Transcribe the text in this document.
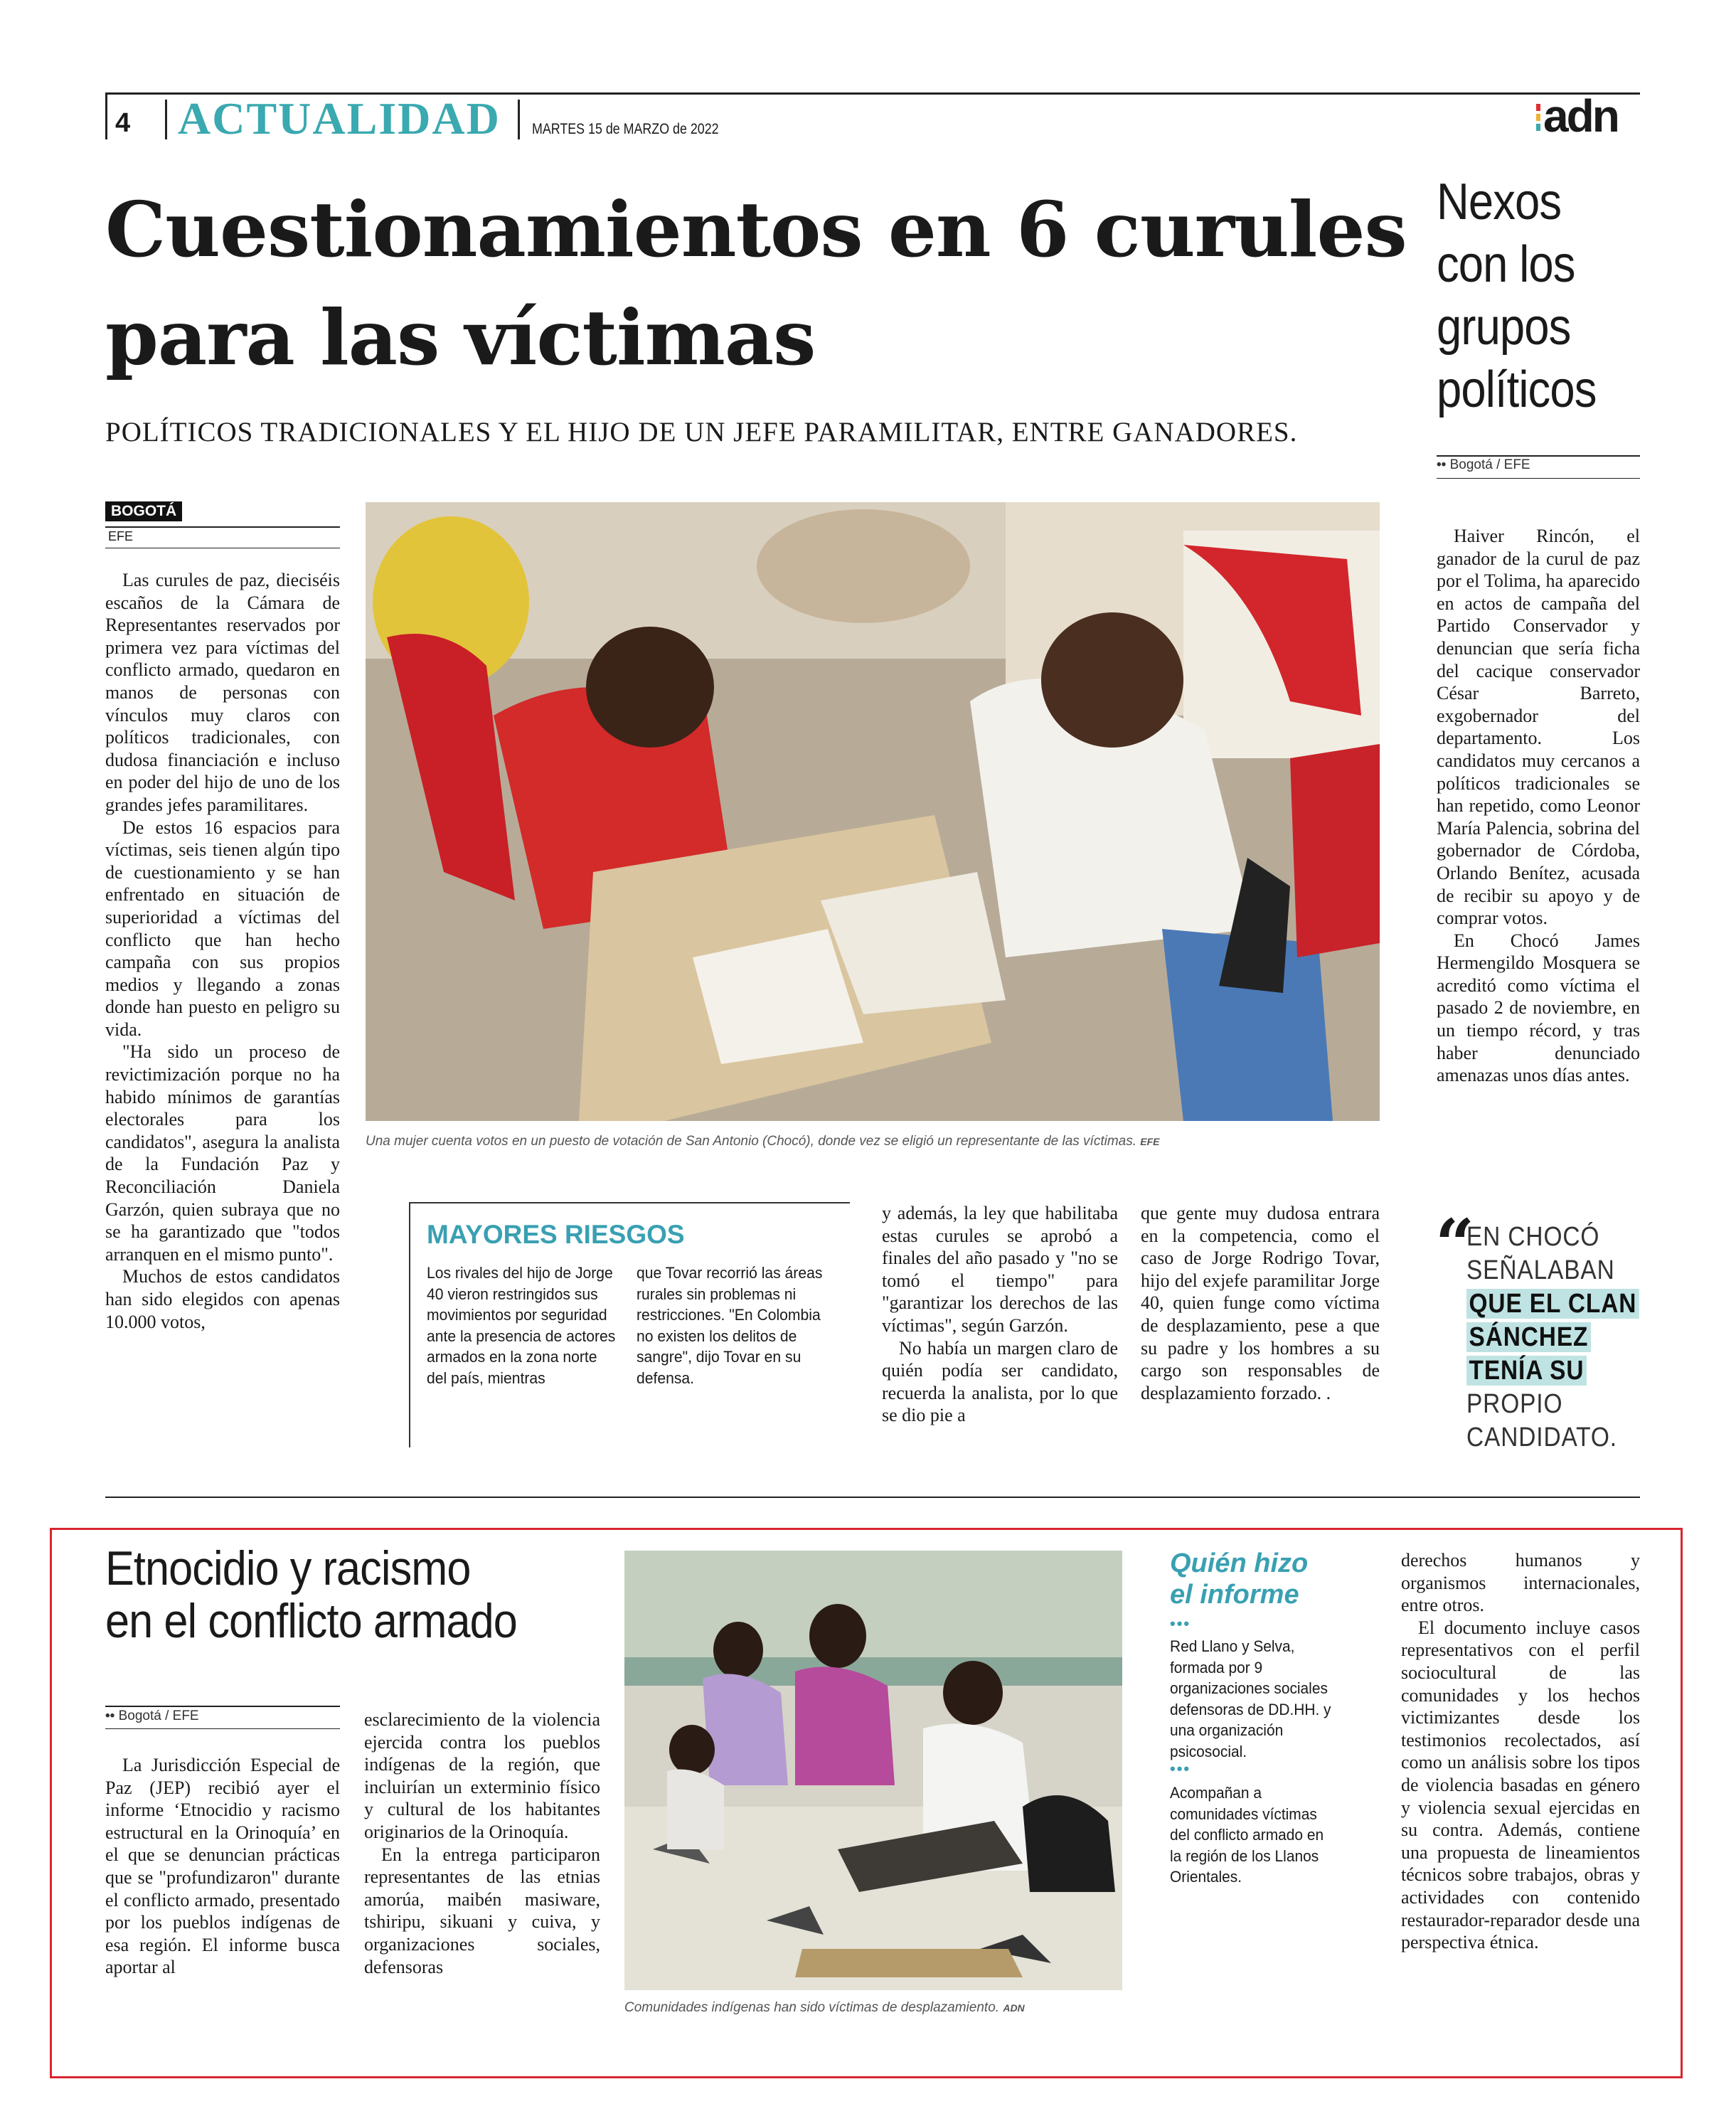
4 ACTUALIDAD MARTES 15 de MARZO de 2022	adn
Cuestionamientos en 6 curules para las víctimas
POLÍTICOS TRADICIONALES Y EL HIJO DE UN JEFE PARAMILITAR, ENTRE GANADORES.
BOGOTÁ
EFE

Las curules de paz, dieciséis escaños de la Cámara de Representantes reservados por primera vez para víctimas del conflicto armado, quedaron en manos de personas con vínculos muy claros con políticos tradicionales, con dudosa financiación e incluso en poder del hijo de uno de los grandes jefes paramilitares.

De estos 16 espacios para víctimas, seis tienen algún tipo de cuestionamiento y se han enfrentado en situación de superioridad a víctimas del conflicto que han hecho campaña con sus propios medios y llegando a zonas donde han puesto en peligro su vida.

"Ha sido un proceso de revictimización porque no ha habido mínimos de garantías electorales para los candidatos", asegura la analista de la Fundación Paz y Reconciliación Daniela Garzón, quien subraya que no se ha garantizado que "todos arranquen en el mismo punto".

Muchos de estos candidatos han sido elegidos con apenas 10.000 votos,

Una mujer cuenta votos en un puesto de votación de San Antonio (Chocó), donde vez se eligió un representante de las víctimas. EFE
MAYORES RIESGOS
Los rivales del hijo de Jorge 40 vieron restringidos sus movimientos por seguridad ante la presencia de actores armados en la zona norte del país, mientras
que Tovar recorrió las áreas rurales sin problemas ni restricciones. "En Colombia no existen los delitos de sangre", dijo Tovar en su defensa.

y además, la ley que habilitaba estas curules se aprobó a finales del año pasado y "no se tomó el tiempo" para "garantizar los derechos de las víctimas", según Garzón.

No había un margen claro de quién podía ser candidato, recuerda la analista, por lo que se dio pie a

que gente muy dudosa entrara en la competencia, como el caso de Jorge Rodrigo Tovar, hijo del exjefe paramilitar Jorge 40, quien funge como víctima de desplazamiento, pese a que su padre y los hombres a su cargo son responsables de desplazamiento forzado. .

Nexos con los grupos políticos
•• Bogotá / EFE

Haiver Rincón, el ganador de la curul de paz por el Tolima, ha aparecido en actos de campaña del Partido Conservador y denuncian que sería ficha del cacique conservador César Barreto, exgobernador del departamento. Los candidatos muy cercanos a políticos tradicionales se han repetido, como Leonor María Palencia, sobrina del gobernador de Córdoba, Orlando Benítez, acusada de recibir su apoyo y de comprar votos.

En Chocó James Hermengildo Mosquera se acreditó como víctima el pasado 2 de noviembre, en un tiempo récord, y tras haber denunciado amenazas unos días antes.

“
EN CHOCÓ
SEÑALABAN
QUE EL CLAN
SÁNCHEZ
TENÍA SU
PROPIO
CANDIDATO.
Etnocidio y racismo
en el conflicto armado
•• Bogotá / EFE

La Jurisdicción Especial de Paz (JEP) recibió ayer el informe ‘Etnocidio y racismo estructural en la Orinoquía’ en el que se denuncian prácticas que se "profundizaron" durante el conflicto armado, presentado por los pueblos indígenas de esa región. El informe busca aportar al

esclarecimiento de la violencia ejercida contra los pueblos indígenas de la región, que incluirían un exterminio físico y cultural de los habitantes originarios de la Orinoquía.

En la entrega participaron representantes de las etnias amorúa, maibén masiware, tshiripu, sikuani y cuiva, y organizaciones sociales, defensoras

Comunidades indígenas han sido víctimas de desplazamiento. ADN
Quién hizo
el informe
•••
Red Llano y Selva, formada por 9 organizaciones sociales defensoras de DD.HH. y una organización psicosocial.
•••
Acompañan a comunidades víctimas del conflicto armado en la región de los Llanos Orientales.

derechos humanos y organismos internacionales, entre otros.

El documento incluye casos representativos con el perfil sociocultural de las comunidades y los hechos victimizantes desde los testimonios recolectados, así como un análisis sobre los tipos de violencia basadas en género y violencia sexual ejercidas en su contra. Además, contiene una propuesta de lineamientos técnicos sobre trabajos, obras y actividades con contenido restaurador-reparador desde una perspectiva étnica.
